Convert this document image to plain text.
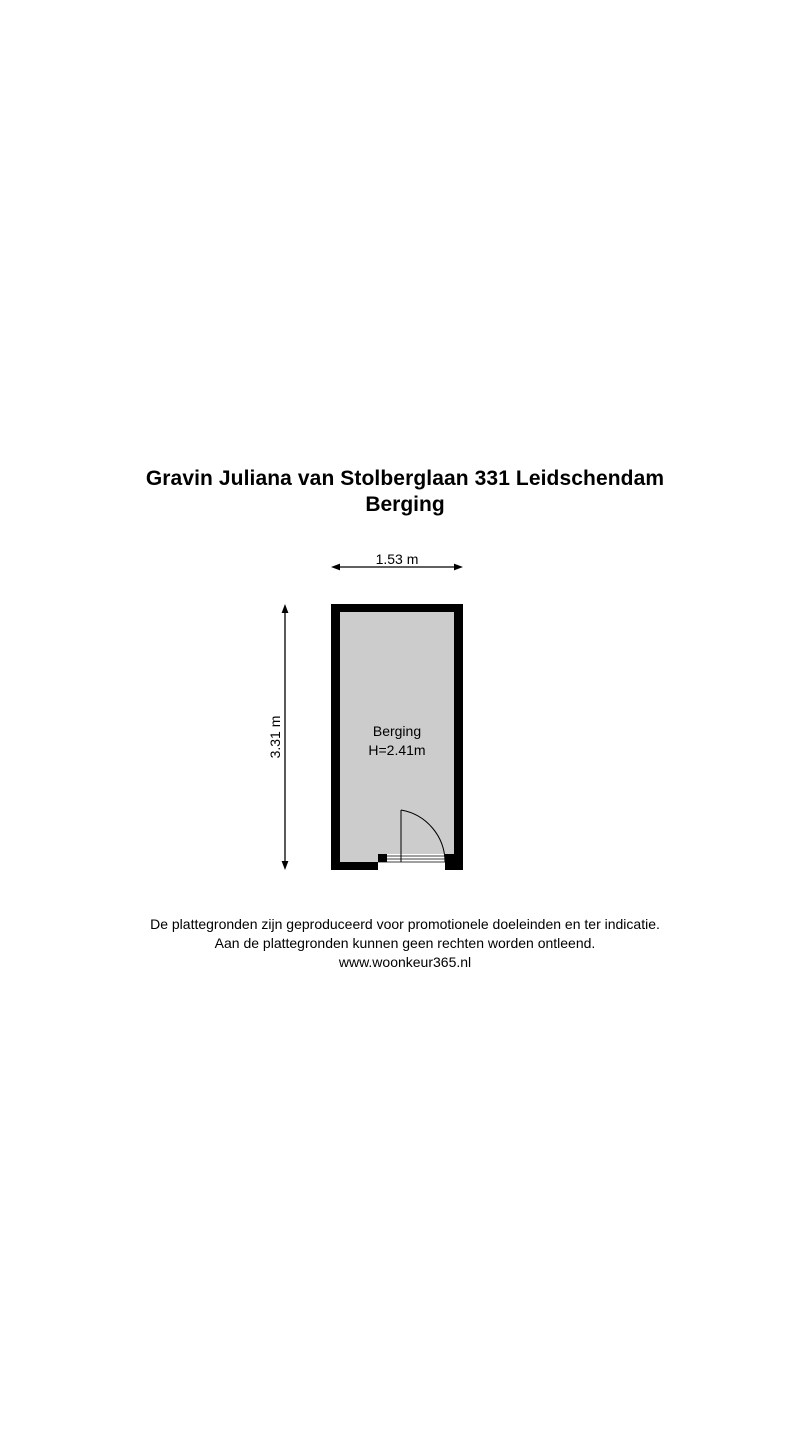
Gravin Juliana van Stolberglaan 331 Leidschendam
Berging
1.53 m
3.31 m	Berging
H=2.41m
De plattegronden zijn geproduceerd voor promotionele doeleinden en ter indicatie.
Aan de plattegronden kunnen geen rechten worden ontleend.
www.woonkeur365.nl
